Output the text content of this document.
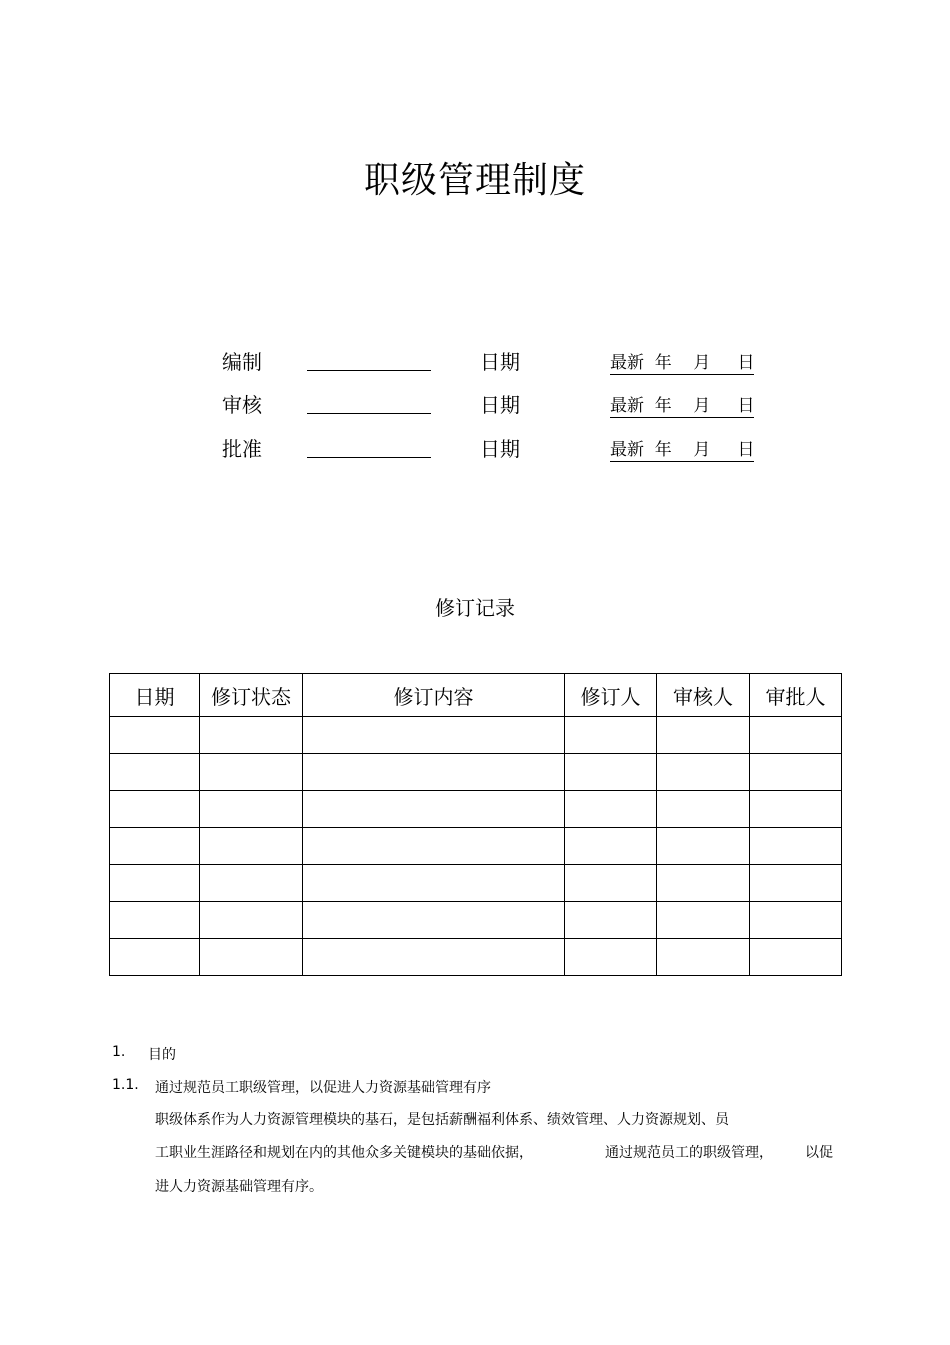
职级管理制度
编制	日期	最新  年    月     日
审核	日期	最新  年    月     日
批准	日期	最新  年    月     日
修订记录
日期	修订状态	修订内容	修订人	审核人	审批人

1. 目的
1.1. 通过规范员工职级管理，以促进人力资源基础管理有序
职级体系作为人力资源管理模块的基石，是包括薪酬福利体系、绩效管理、人力资源规划、员
工职业生涯路径和规划在内的其他众多关键模块的基础依据，	通过规范员工的职级管理， 以促
进人力资源基础管理有序。
